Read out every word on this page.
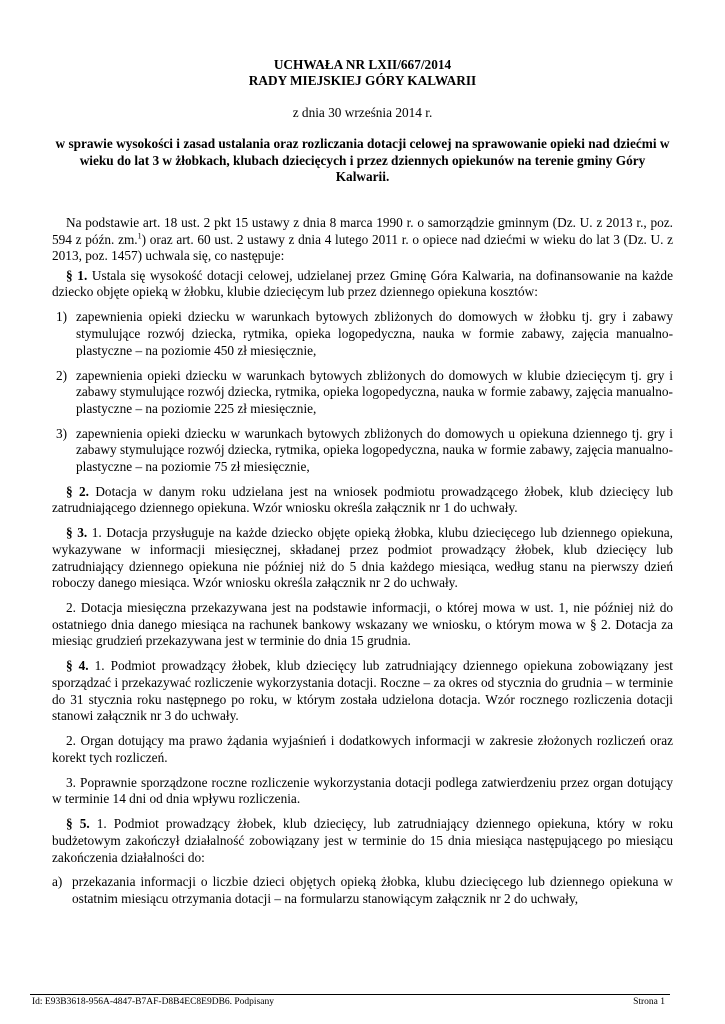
UCHWAŁA NR LXII/667/2014
RADY MIEJSKIEJ GÓRY KALWARII
z dnia 30 września 2014 r.
w sprawie wysokości i zasad ustalania oraz rozliczania dotacji celowej na sprawowanie opieki nad dziećmi w wieku do lat 3 w żłobkach, klubach dziecięcych i przez dziennych opiekunów na terenie gminy Góry Kalwarii.

Na podstawie art. 18 ust. 2 pkt 15 ustawy z dnia 8 marca 1990 r. o samorządzie gminnym (Dz. U. z 2013 r., poz. 594 z późn. zm.$^1$) oraz art. 60 ust. 2 ustawy z dnia 4 lutego 2011 r. o opiece nad dziećmi w wieku do lat 3 (Dz. U. z 2013, poz. 1457) uchwala się, co następuje:

§ 1. Ustala się wysokość dotacji celowej, udzielanej przez Gminę Góra Kalwaria, na dofinansowanie na każde dziecko objęte opieką w żłobku, klubie dziecięcym lub przez dziennego opiekuna kosztów:

1) zapewnienia opieki dziecku w warunkach bytowych zbliżonych do domowych w żłobku tj. gry i zabawy stymulujące rozwój dziecka, rytmika, opieka logopedyczna, nauka w formie zabawy, zajęcia manualno-plastyczne – na poziomie 450 zł miesięcznie,
2) zapewnienia opieki dziecku w warunkach bytowych zbliżonych do domowych w klubie dziecięcym tj. gry i zabawy stymulujące rozwój dziecka, rytmika, opieka logopedyczna, nauka w formie zabawy, zajęcia manualno-plastyczne – na poziomie 225 zł miesięcznie,
3) zapewnienia opieki dziecku w warunkach bytowych zbliżonych do domowych u opiekuna dziennego tj. gry i zabawy stymulujące rozwój dziecka, rytmika, opieka logopedyczna, nauka w formie zabawy, zajęcia manualno-plastyczne – na poziomie 75 zł miesięcznie,

§ 2. Dotacja w danym roku udzielana jest na wniosek podmiotu prowadzącego żłobek, klub dziecięcy lub zatrudniającego dziennego opiekuna. Wzór wniosku określa załącznik nr 1 do uchwały.

§ 3. 1. Dotacja przysługuje na każde dziecko objęte opieką żłobka, klubu dziecięcego lub dziennego opiekuna, wykazywane w informacji miesięcznej, składanej przez podmiot prowadzący żłobek, klub dziecięcy lub zatrudniający dziennego opiekuna nie później niż do 5 dnia każdego miesiąca, według stanu na pierwszy dzień roboczy danego miesiąca. Wzór wniosku określa załącznik nr 2 do uchwały.

2. Dotacja miesięczna przekazywana jest na podstawie informacji, o której mowa w ust. 1, nie później niż do ostatniego dnia danego miesiąca na rachunek bankowy wskazany we wniosku, o którym mowa w § 2. Dotacja za miesiąc grudzień przekazywana jest w terminie do dnia 15 grudnia.

§ 4. 1. Podmiot prowadzący żłobek, klub dziecięcy lub zatrudniający dziennego opiekuna zobowiązany jest sporządzać i przekazywać rozliczenie wykorzystania dotacji. Roczne – za okres od stycznia do grudnia – w terminie do 31 stycznia roku następnego po roku, w którym została udzielona dotacja. Wzór rocznego rozliczenia dotacji stanowi załącznik nr 3 do uchwały.

2. Organ dotujący ma prawo żądania wyjaśnień i dodatkowych informacji w zakresie złożonych rozliczeń oraz korekt tych rozliczeń.

3. Poprawnie sporządzone roczne rozliczenie wykorzystania dotacji podlega zatwierdzeniu przez organ dotujący w terminie 14 dni od dnia wpływu rozliczenia.

§ 5. 1. Podmiot prowadzący żłobek, klub dziecięcy, lub zatrudniający dziennego opiekuna, który w roku budżetowym zakończył działalność zobowiązany jest w terminie do 15 dnia miesiąca następującego po miesiącu zakończenia działalności do:

a) przekazania informacji o liczbie dzieci objętych opieką żłobka, klubu dziecięcego lub dziennego opiekuna w ostatnim miesiącu otrzymania dotacji – na formularzu stanowiącym załącznik nr 2 do uchwały,
Id: E93B3618-956A-4847-B7AF-D8B4EC8E9DB6. Podpisany	Strona 1
